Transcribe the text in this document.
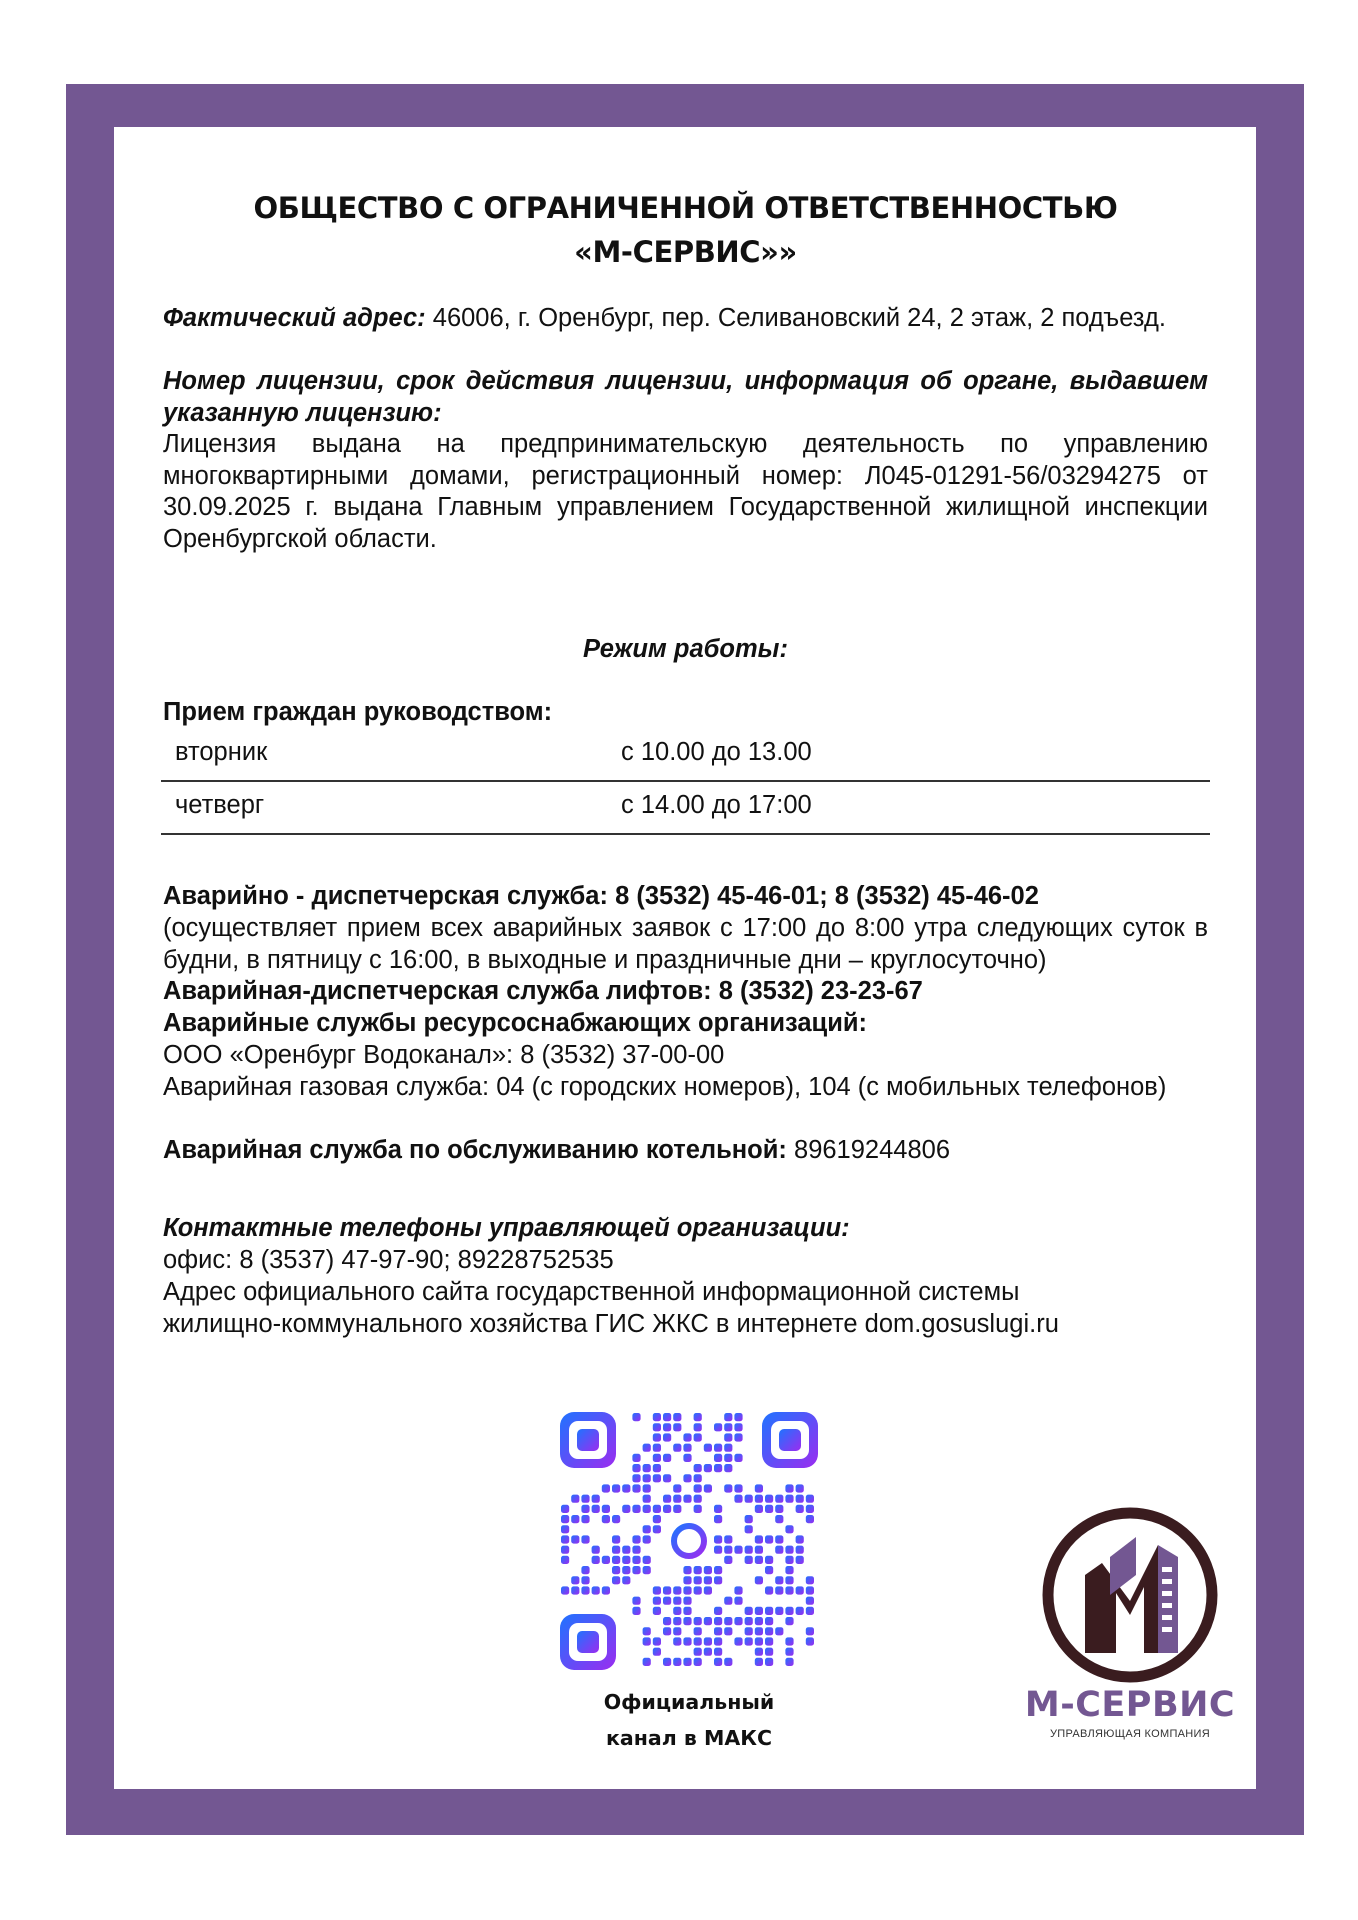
ОБЩЕСТВО С ОГРАНИЧЕННОЙ ОТВЕТСТВЕННОСТЬЮ
«М-СЕРВИС»»
Фактический адрес: 46006, г. Оренбург, пер. Селивановский 24, 2 этаж, 2 подъезд.
Номер лицензии, срок действия лицензии, информация об органе, выдавшем указанную лицензию:
Лицензия выдана на предпринимательскую деятельность по управлению многоквартирными домами, регистрационный номер: Л045-01291-56/03294275 от 30.09.2025 г. выдана Главным управлением Государственной жилищной инспекции Оренбургской области.
Режим работы:
Прием граждан руководством:
вторник	с 10.00 до 13.00
четверг	с 14.00 до 17:00
Аварийно - диспетчерская служба: 8 (3532) 45-46-01; 8 (3532) 45-46-02
(осуществляет прием всех аварийных заявок с 17:00 до 8:00 утра следующих суток в будни, в пятницу с 16:00, в выходные и праздничные дни – круглосуточно)
Аварийная-диспетчерская служба лифтов: 8 (3532) 23-23-67
Аварийные службы ресурсоснабжающих организаций:
ООО «Оренбург Водоканал»: 8 (3532) 37-00-00
Аварийная газовая служба: 04 (с городских номеров), 104 (с мобильных телефонов)
Аварийная служба по обслуживанию котельной: 89619244806
Контактные телефоны управляющей организации:
офис: 8 (3537) 47-97-90; 89228752535
Адрес официального сайта государственной информационной системы
жилищно-коммунального хозяйства ГИС ЖКС в интернете dom.gosuslugi.ru
Официальный
канал в МАКС
М-СЕРВИС
УПРАВЛЯЮЩАЯ КОМПАНИЯ
